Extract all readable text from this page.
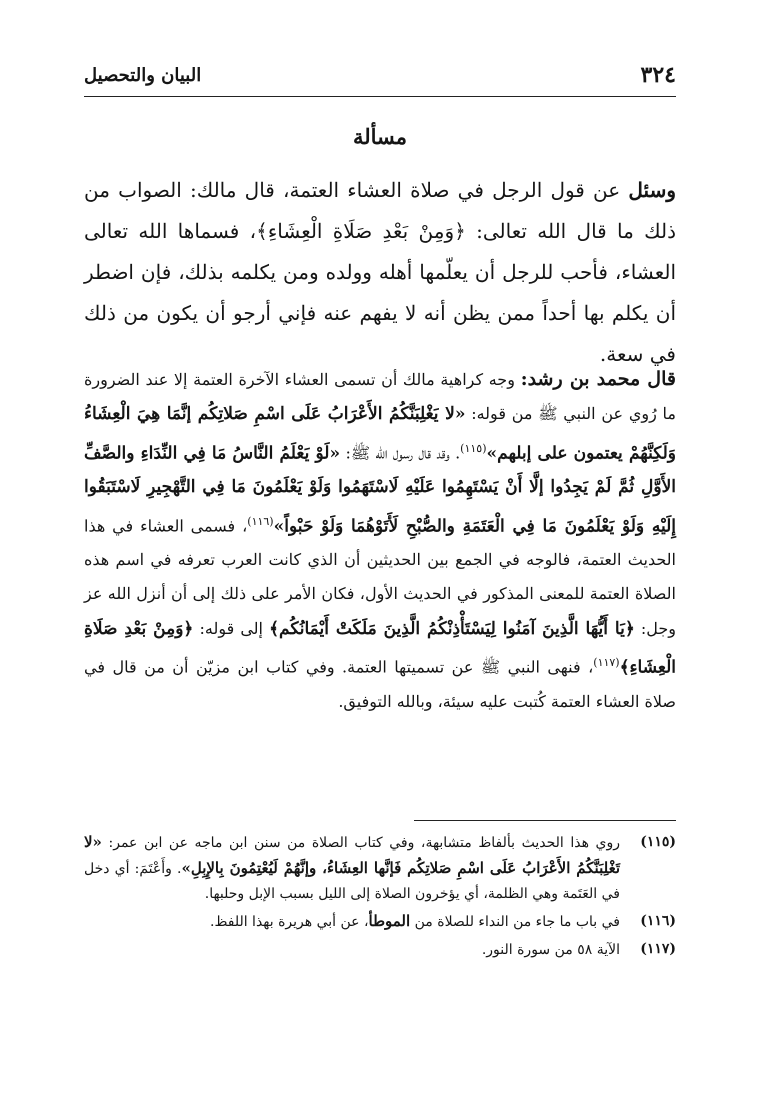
٣٢٤
البيان والتحصيل
مسألة

وسئل عن قول الرجل في صلاة العشاء العتمة، قال مالك: الصواب من ذلك ما قال الله تعالى: ﴿وَمِنْ بَعْدِ صَلَاةِ الْعِشَاءِ﴾، فسماها الله تعالى العشاء، فأحب للرجل أن يعلّمها أهله وولده ومن يكلمه بذلك، فإن اضطر أن يكلم بها أحداً ممن يظن أنه لا يفهم عنه فإني أرجو أن يكون من ذلك في سعة.

قال محمد بن رشد: وجه كراهية مالك أن تسمى العشاء الآخرة العتمة إلا عند الضرورة ما رُوي عن النبي ﷺ من قوله: «لا يَغْلِبَنَّكُمُ الأَعْرَابُ عَلَى اسْمِ صَلاتِكُم إنَّمَا هِيَ الْعِشَاءُ وَلَكِنَّهُمْ يعتمون على إبلهم»$^{(١١٥)}$. وقد قال رسول الله ﷺ: «لَوْ يَعْلَمُ النَّاسُ مَا فِي النِّدَاءِ والصَّفِّ الأَوَّلِ ثُمَّ لَمْ يَجِدُوا إلَّا أَنْ يَسْتَهِمُوا عَلَيْهِ لَاسْتَهَمُوا وَلَوْ يَعْلَمُونَ مَا فِي التَّهْجِيرِ لَاسْتَبَقُوا إِلَيْهِ وَلَوْ يَعْلَمُونَ مَا فِي الْعَتَمَةِ والصُّبْحِ لَأَتَوْهُمَا وَلَوْ حَبْواً»$^{(١١٦)}$، فسمى العشاء في هذا الحديث العتمة، فالوجه في الجمع بين الحديثين أن الذي كانت العرب تعرفه في اسم هذه الصلاة العتمة للمعنى المذكور في الحديث الأول، فكان الأمر على ذلك إلى أن أنزل الله عز وجل: ﴿يَا أَيُّهَا الَّذِينَ آمَنُوا لِيَسْتَأْذِنْكُمُ الَّذِينَ مَلَكَتْ أَيْمَانُكُم﴾ إلى قوله: ﴿وَمِنْ بَعْدِ صَلَاةِ الْعِشَاءِ﴾$^{(١١٧)}$، فنهى النبي ﷺ عن تسميتها العتمة. وفي كتاب ابن مزيّن أن من قال في صلاة العشاء العتمة كُتبت عليه سيئة، وبالله التوفيق.

(١١٥)
روي هذا الحديث بألفاظ متشابهة، وفي كتاب الصلاة من سنن ابن ماجه عن ابن عمر: «لا تَغْلِبَنَّكُمُ الأَعْرَابُ عَلَى اسْمِ صَلاتِكُم فَإنَّها العِشَاءُ، وإنَّهُمْ لَيُعْتِمُونَ بِالإِبِلِ». وأَعْتَمَ: أي دخل في العَتَمة وهي الظلمة، أي يؤخرون الصلاة إلى الليل بسبب الإبل وحلبها.
(١١٦)
في باب ما جاء من النداء للصلاة من الموطأ، عن أبي هريرة بهذا اللفظ.
(١١٧)
الآية ٥٨ من سورة النور.
